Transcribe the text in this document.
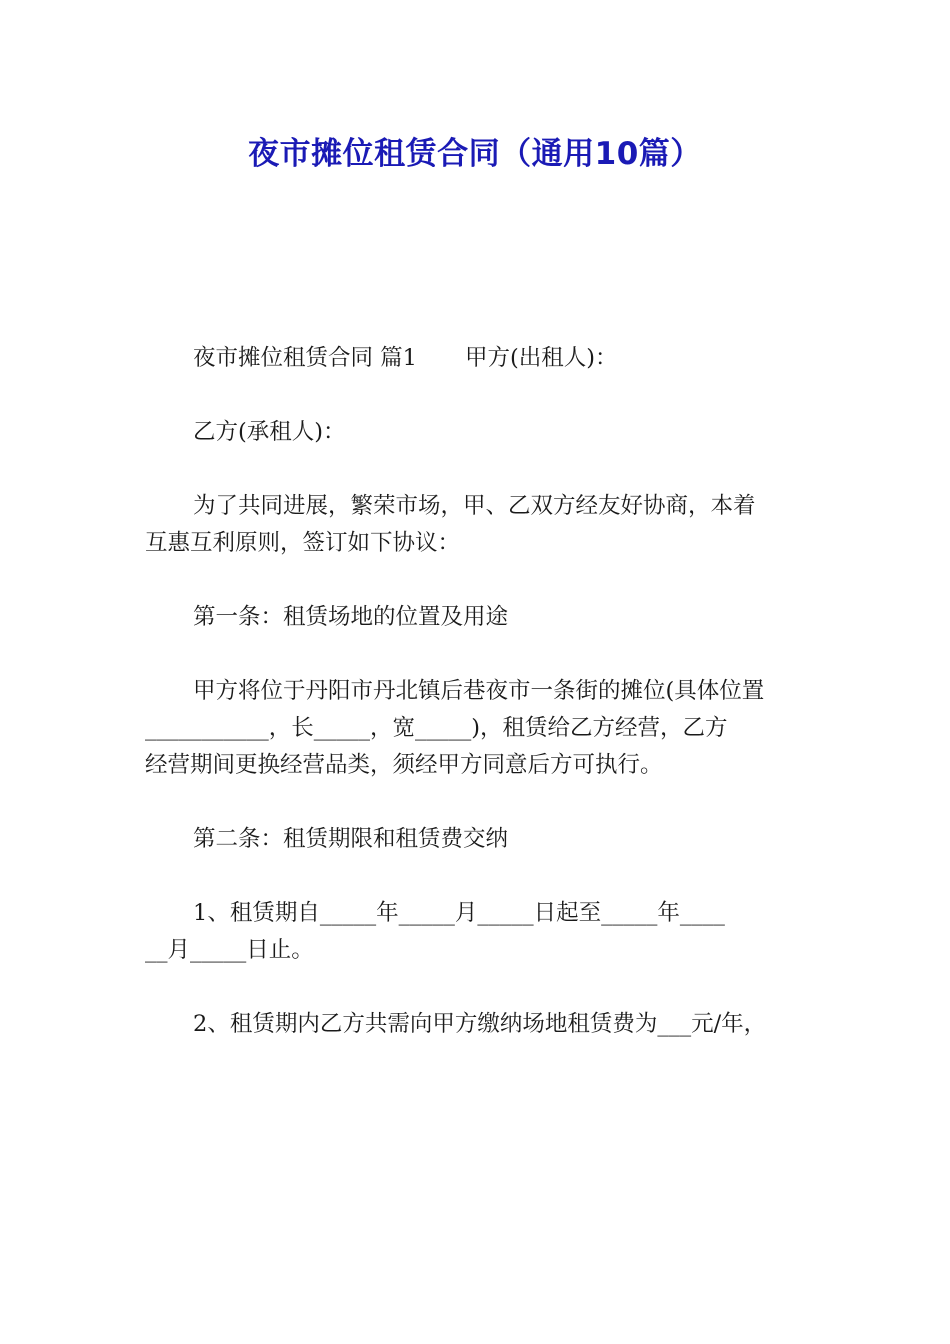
夜市摊位租赁合同（通用10篇）

夜市摊位租赁合同 篇1 甲方(出租人)：

乙方(承租人)：

为了共同进展，繁荣市场，甲、乙双方经友好协商，本着
互惠互利原则，签订如下协议：

第一条：租赁场地的位置及用途

甲方将位于丹阳市丹北镇后巷夜市一条街的摊位(具体位置
___________，长_____，宽_____)，租赁给乙方经营，乙方
经营期间更换经营品类，须经甲方同意后方可执行。

第二条：租赁期限和租赁费交纳

1、租赁期自_____年_____月_____日起至_____年____
__月_____日止。

2、租赁期内乙方共需向甲方缴纳场地租赁费为___元/年，
